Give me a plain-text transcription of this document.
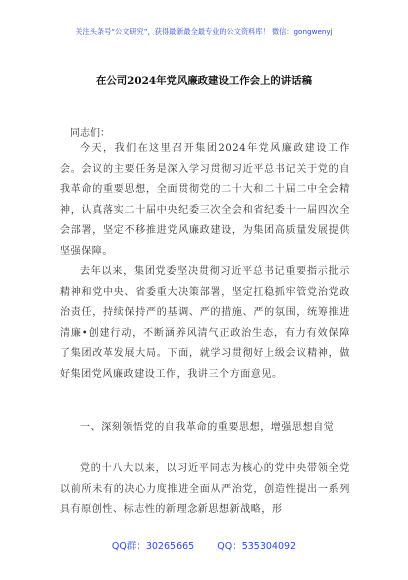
关注头条号“公文研究”，获得最新最全最专业的公文资料库！ 微信：gongwenyj
在公司2024年党风廉政建设工作会上的讲话稿
同志们：
今天，我们在这里召开集团2024年党风廉政建设工作会。会议的主要任务是深入学习贯彻习近平总书记关于党的自我革命的重要思想，全面贯彻党的二十大和二十届二中全会精神，认真落实二十届中央纪委三次全会和省纪委十一届四次全会部署，坚定不移推进党风廉政建设，为集团高质量发展提供坚强保障。
去年以来，集团党委坚决贯彻习近平总书记重要指示批示精神和党中央、省委重大决策部署，坚定扛稳抓牢管党治党政治责任，持续保持严的基调、严的措施、严的氛围，统筹推进清廉•创建行动，不断涵养风清气正政治生态，有力有效保障了集团改革发展大局。下面，就学习贯彻好上级会议精神，做好集团党风廉政建设工作，我讲三个方面意见。
一、深刻领悟党的自我革命的重要思想，增强思想自觉
党的十八大以来，以习近平同志为核心的党中央带领全党以前所未有的决心力度推进全面从严治党，创造性提出一系列具有原创性、标志性的新理念新思想新战略，形
QQ群：30265665 QQ：535304092
